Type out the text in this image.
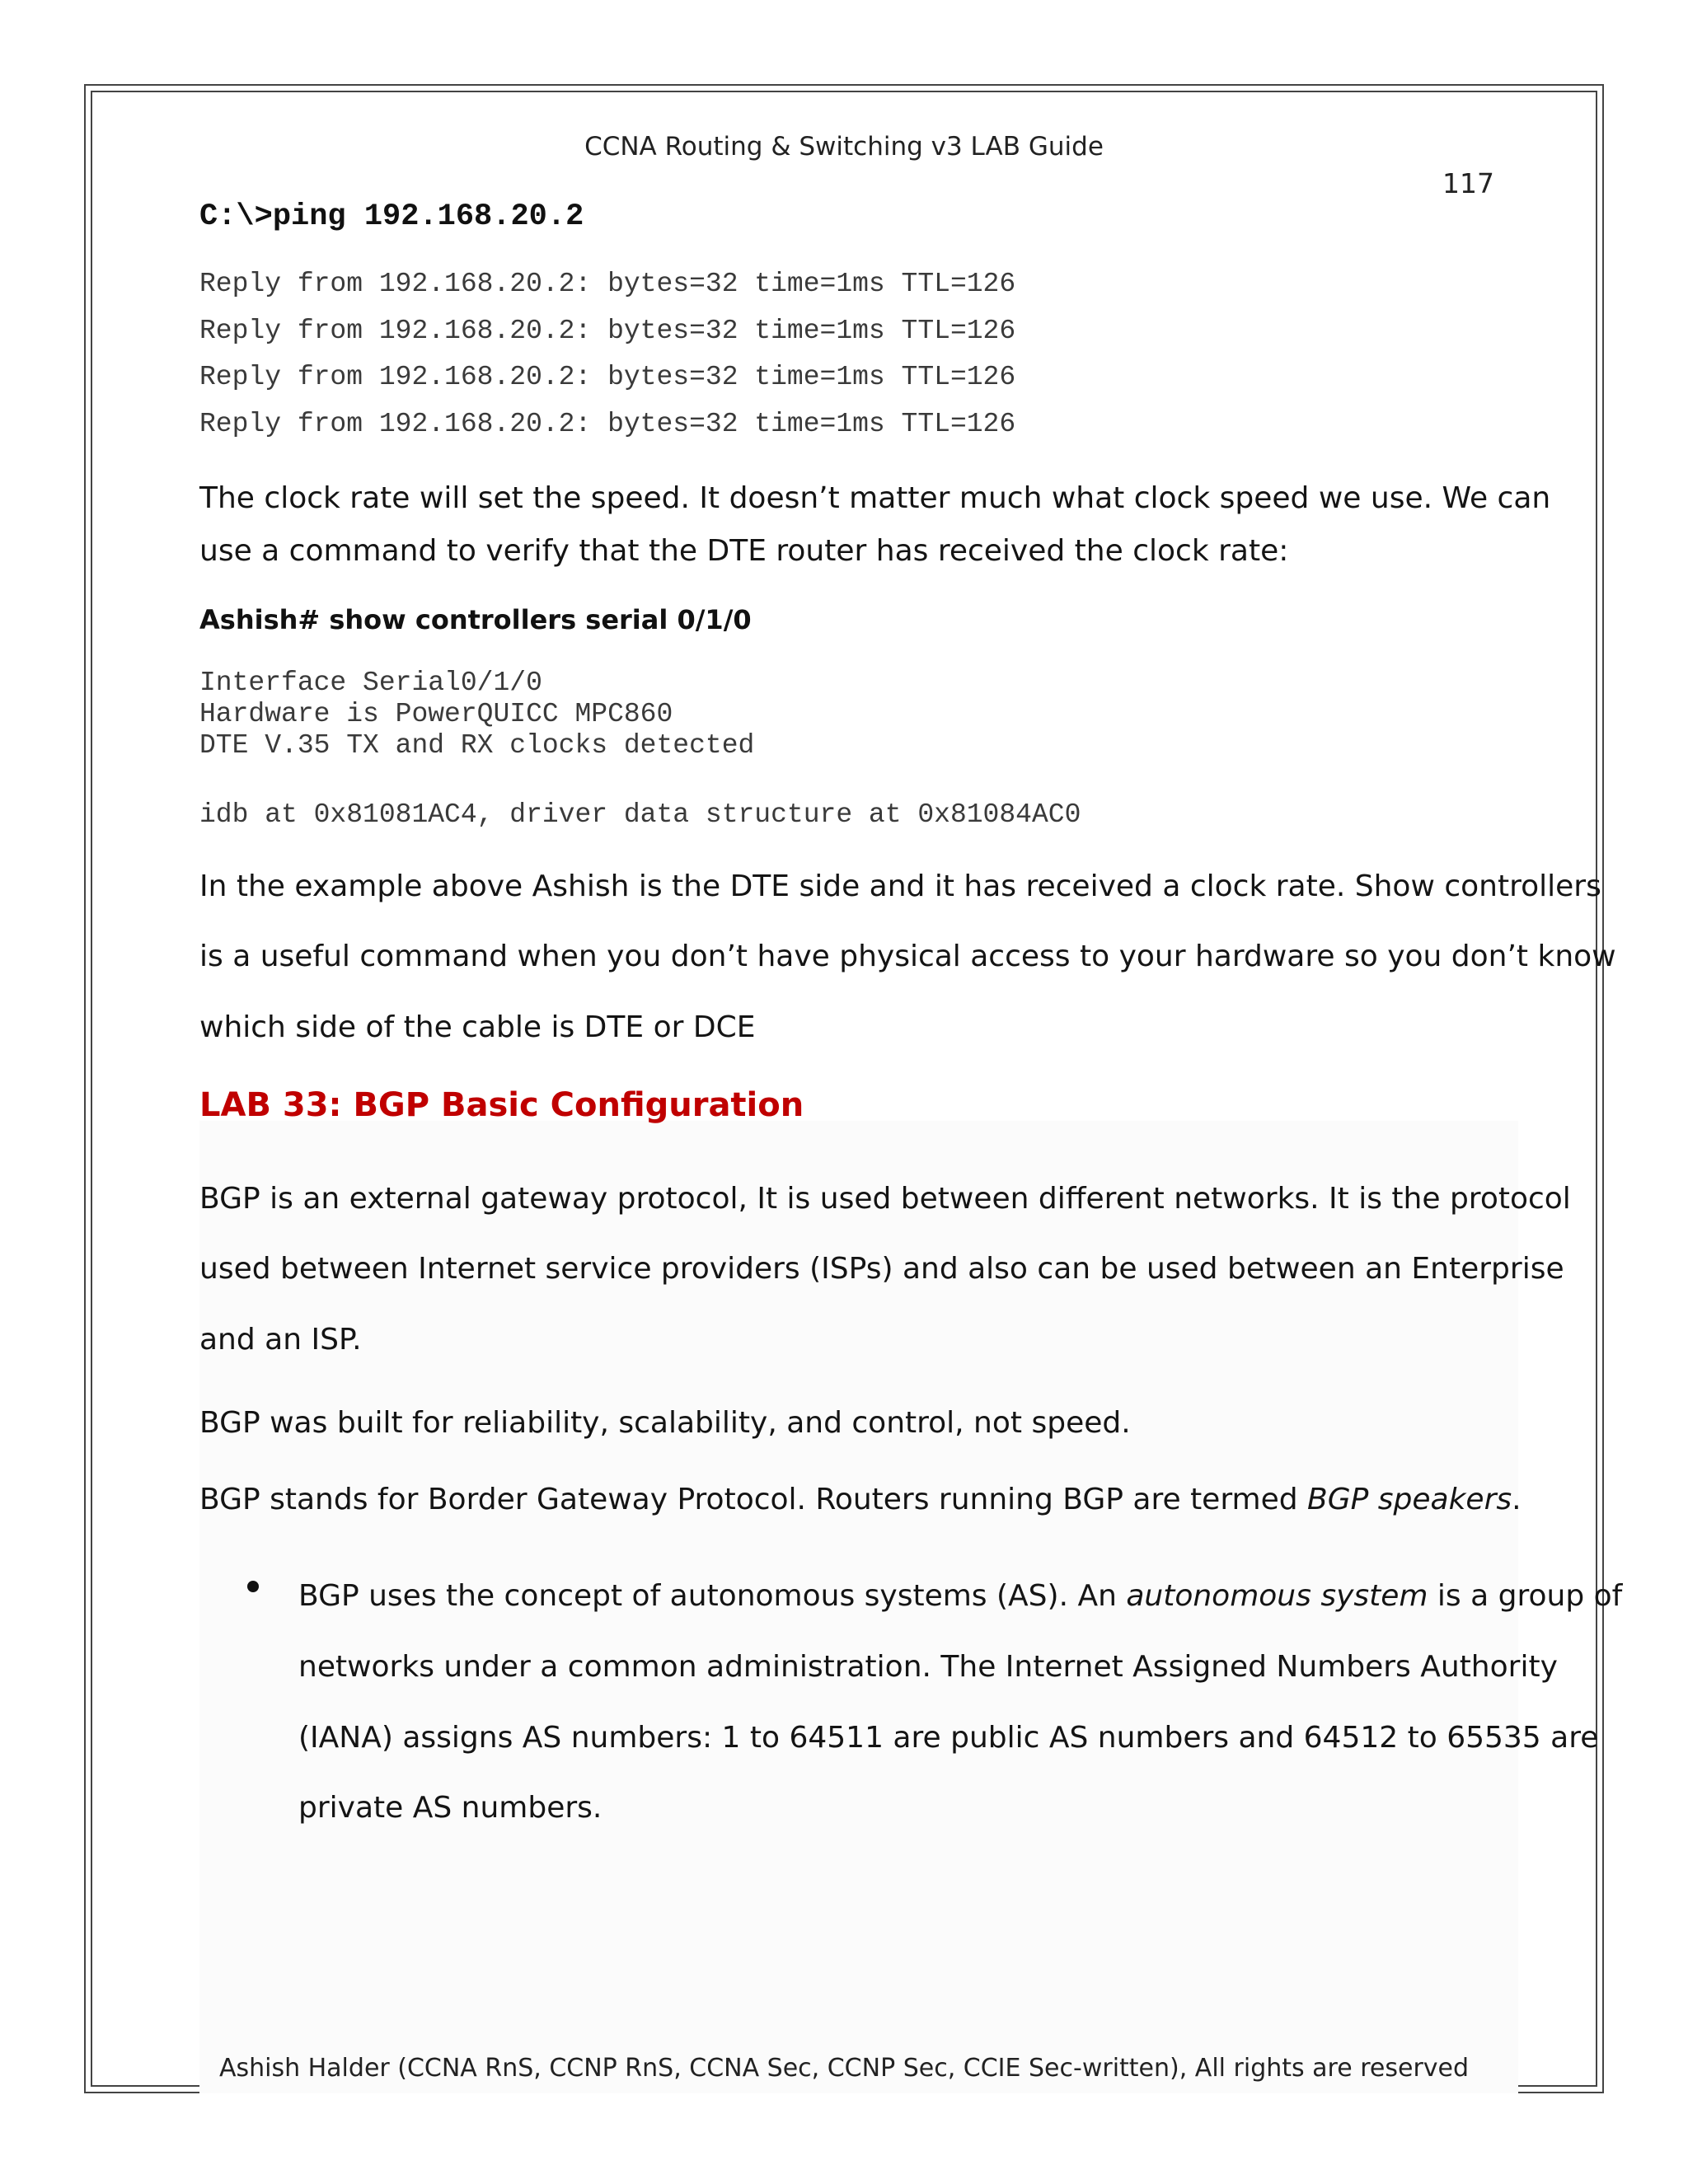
CCNA Routing & Switching v3 LAB Guide

117

C:\>ping 192.168.20.2

Reply from 192.168.20.2: bytes=32 time=1ms TTL=126

Reply from 192.168.20.2: bytes=32 time=1ms TTL=126

Reply from 192.168.20.2: bytes=32 time=1ms TTL=126

Reply from 192.168.20.2: bytes=32 time=1ms TTL=126

The clock rate will set the speed. It doesn’t matter much what clock speed we use. We can

use a command to verify that the DTE router has received the clock rate:

Ashish# show controllers serial 0/1/0

Interface Serial0/1/0

Hardware is PowerQUICC MPC860

DTE V.35 TX and RX clocks detected

idb at 0x81081AC4, driver data structure at 0x81084AC0

In the example above Ashish is the DTE side and it has received a clock rate. Show controllers

is a useful command when you don’t have physical access to your hardware so you don’t know

which side of the cable is DTE or DCE

LAB 33: BGP Basic Configuration

BGP is an external gateway protocol, It is used between different networks. It is the protocol

used between Internet service providers (ISPs) and also can be used between an Enterprise

and an ISP.

BGP was built for reliability, scalability, and control, not speed.

BGP stands for Border Gateway Protocol. Routers running BGP are termed BGP speakers.

BGP uses the concept of autonomous systems (AS). An autonomous system is a group of

networks under a common administration. The Internet Assigned Numbers Authority

(IANA) assigns AS numbers: 1 to 64511 are public AS numbers and 64512 to 65535 are

private AS numbers.

Ashish Halder (CCNA RnS, CCNP RnS, CCNA Sec, CCNP Sec, CCIE Sec-written), All rights are reserved
